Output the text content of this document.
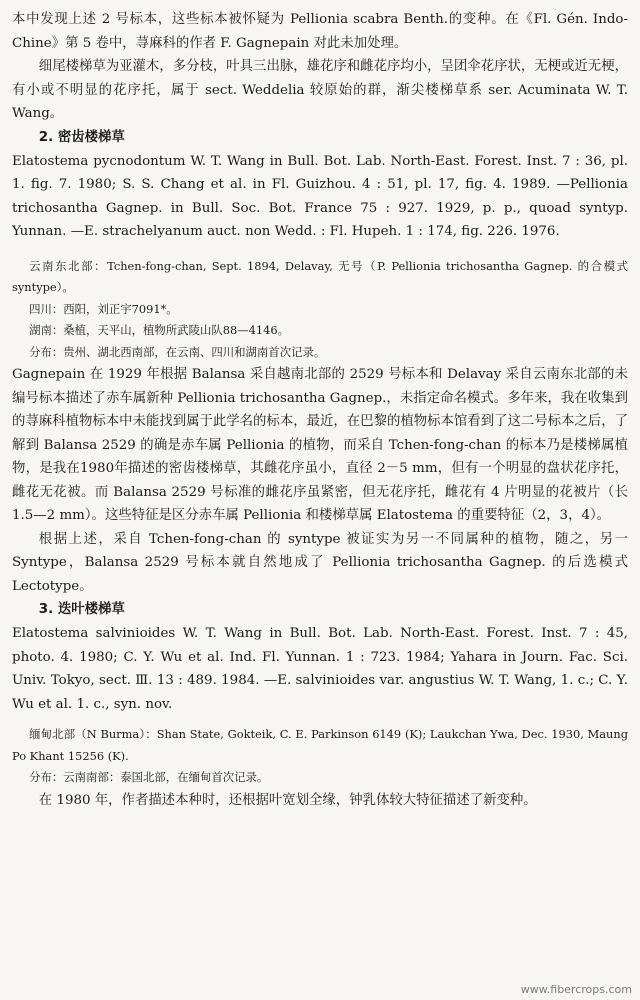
本中发现上述 2 号标本，这些标本被怀疑为 Pellionia scabra Benth.的变种。在《Fl. Gén. Indo-Chine》第 5 卷中，荨麻科的作者 F. Gagnepain 对此未加处理。

细尾楼梯草为亚灌木，多分枝，叶具三出脉，雄花序和雌花序均小，呈团伞花序状，无梗或近无梗，有小或不明显的花序托，属于 sect. Weddelia 较原始的群，渐尖楼梯草系 ser. Acuminata W. T. Wang。

2. 密齿楼梯草

Elatostema pycnodontum W. T. Wang in Bull. Bot. Lab. North-East. Forest. Inst. 7 : 36, pl. 1. fig. 7. 1980; S. S. Chang et al. in Fl. Guizhou. 4 : 51, pl. 17, fig. 4. 1989. —Pellionia trichosantha Gagnep. in Bull. Soc. Bot. France 75 : 927. 1929, p. p., quoad syntyp. Yunnan. —E. strachelyanum auct. non Wedd. : Fl. Hupeh. 1 : 174, fig. 226. 1976.

云南东北部：Tchen-fong-chan, Sept. 1894, Delavay, 无号（P. Pellionia trichosantha Gagnep. 的合模式 syntype）。

四川：西阳，刘正宇7091*。

湖南：桑植，天平山，植物所武陵山队88—4146。

分布：贵州、湖北西南部，在云南、四川和湖南首次记录。

Gagnepain 在 1929 年根据 Balansa 采自越南北部的 2529 号标本和 Delavay 采自云南东北部的未编号标本描述了赤车属新种 Pellionia trichosantha Gagnep.，未指定命名模式。多年来，我在收集到的荨麻科植物标本中未能找到属于此学名的标本，最近，在巴黎的植物标本馆看到了这二号标本之后，了解到 Balansa 2529 的确是赤车属 Pellionia 的植物，而采自 Tchen-fong-chan 的标本乃是楼梯属植物，是我在1980年描述的密齿楼梯草，其雌花序虽小，直径 2－5 mm，但有一个明显的盘状花序托，雌花无花被。而 Balansa 2529 号标准的雌花序虽紧密，但无花序托，雌花有 4 片明显的花被片（长 1.5—2 mm）。这些特征是区分赤车属 Pellionia 和楼梯草属 Elatostema 的重要特征（2，3，4）。

根据上述，采自 Tchen-fong-chan 的 syntype 被证实为另一不同属种的植物，随之，另一 Syntype，Balansa 2529 号标本就自然地成了 Pellionia trichosantha Gagnep. 的后选模式 Lectotype。

3. 迭叶楼梯草

Elatostema salvinioides W. T. Wang in Bull. Bot. Lab. North-East. Forest. Inst. 7 : 45, photo. 4. 1980; C. Y. Wu et al. Ind. Fl. Yunnan. 1 : 723. 1984; Yahara in Journ. Fac. Sci. Univ. Tokyo, sect. Ⅲ. 13 : 489. 1984. —E. salvinioides var. angustius W. T. Wang, 1. c.; C. Y. Wu et al. 1. c., syn. nov.

缅甸北部（N Burma）：Shan State, Gokteik, C. E. Parkinson 6149 (K); Laukchan Ywa, Dec. 1930, Maung Po Khant 15256 (K).

分布：云南南部：泰国北部，在缅甸首次记录。

在 1980 年，作者描述本种时，还根据叶宽划全缘，钟乳体较大特征描述了新变种。

www.fibercrops.com
